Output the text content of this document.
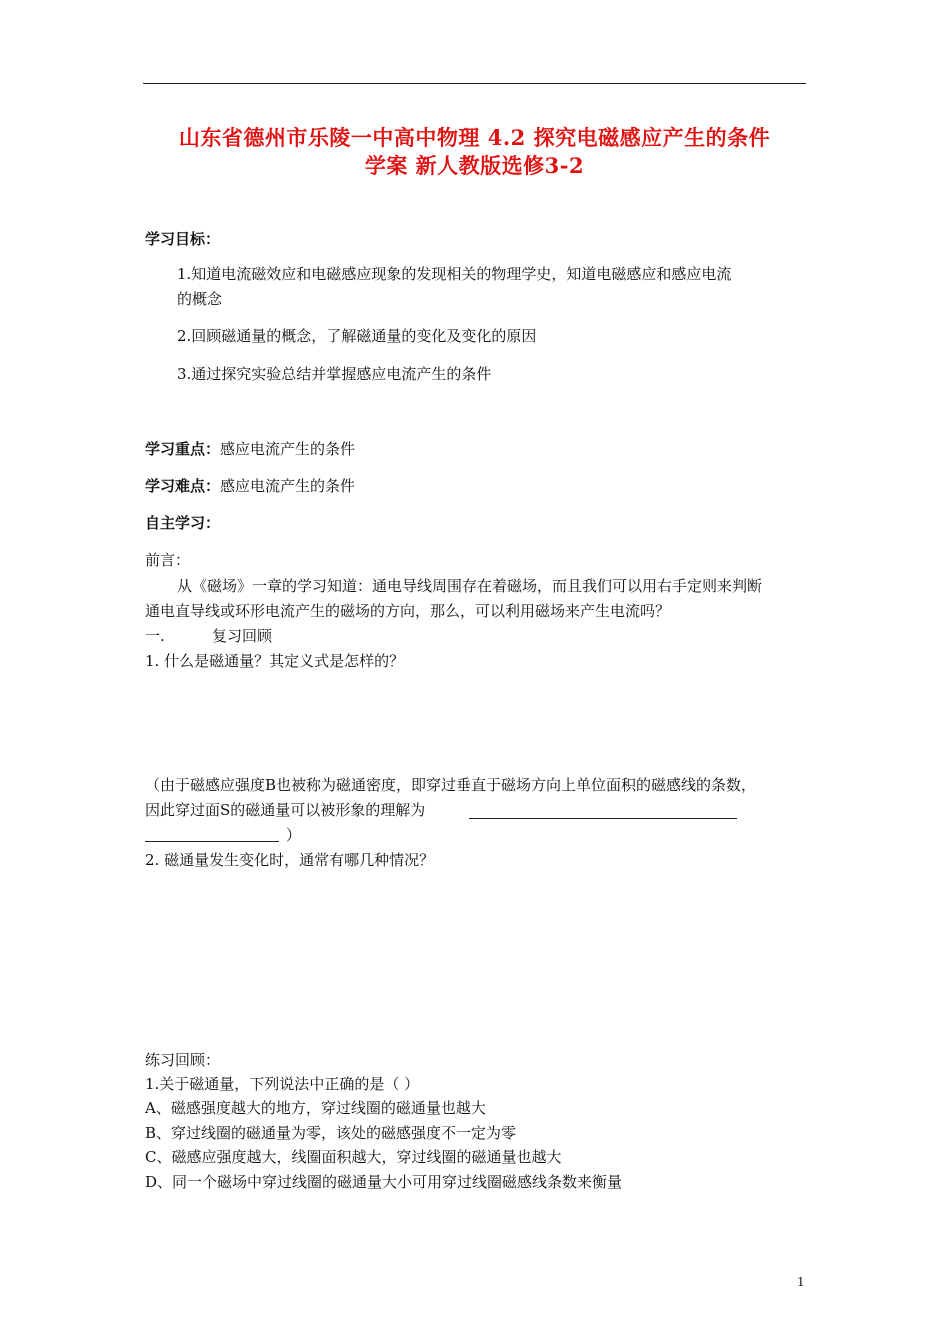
山东省德州市乐陵一中高中物理 4.2 探究电磁感应产生的条件
学案 新人教版选修3-2
学习目标：
1.知道电流磁效应和电磁感应现象的发现相关的物理学史，知道电磁感应和感应电流
的概念
2.回顾磁通量的概念，了解磁通量的变化及变化的原因
3.通过探究实验总结并掌握感应电流产生的条件
学习重点：感应电流产生的条件
学习难点：感应电流产生的条件
自主学习：
前言：
从《磁场》一章的学习知道：通电导线周围存在着磁场，而且我们可以用右手定则来判断
通电直导线或环形电流产生的磁场的方向，那么，可以利用磁场来产生电流吗？
一.	复习回顾
1. 什么是磁通量？其定义式是怎样的？
（由于磁感应强度B也被称为磁通密度，即穿过垂直于磁场方向上单位面积的磁感线的条数，
因此穿过面S的磁通量可以被形象的理解为
）
2. 磁通量发生变化时，通常有哪几种情况？
练习回顾：
1.关于磁通量，下列说法中正确的是（ ）
A、磁感强度越大的地方，穿过线圈的磁通量也越大
B、穿过线圈的磁通量为零，该处的磁感强度不一定为零
C、磁感应强度越大，线圈面积越大，穿过线圈的磁通量也越大
D、同一个磁场中穿过线圈的磁通量大小可用穿过线圈磁感线条数来衡量
1
